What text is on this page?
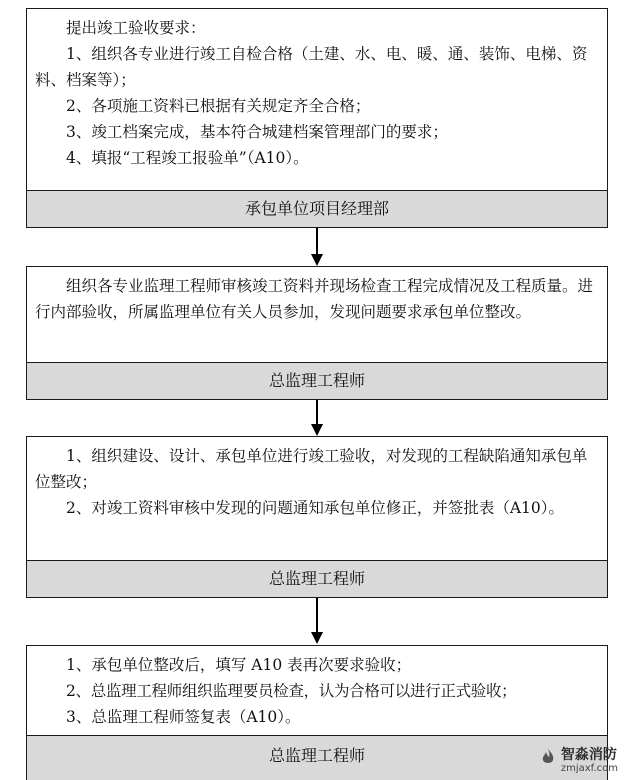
提出竣工验收要求：

1、组织各专业进行竣工自检合格（土建、水、电、暖、通、装饰、电梯、资料、档案等）；

2、各项施工资料已根据有关规定齐全合格；

3、竣工档案完成，基本符合城建档案管理部门的要求；

4、填报“工程竣工报验单”（A10）。

承包单位项目经理部

组织各专业监理工程师审核竣工资料并现场检查工程完成情况及工程质量。进行内部验收，所属监理单位有关人员参加，发现问题要求承包单位整改。

总监理工程师

1、组织建设、设计、承包单位进行竣工验收，对发现的工程缺陷通知承包单位整改；

2、对竣工资料审核中发现的问题通知承包单位修正，并签批表（A10）。

总监理工程师

1、承包单位整改后，填写 A10 表再次要求验收；

2、总监理工程师组织监理要员检查，认为合格可以进行正式验收；

3、总监理工程师签复表（A10）。

总监理工程师	智淼消防
zmjaxf.com
